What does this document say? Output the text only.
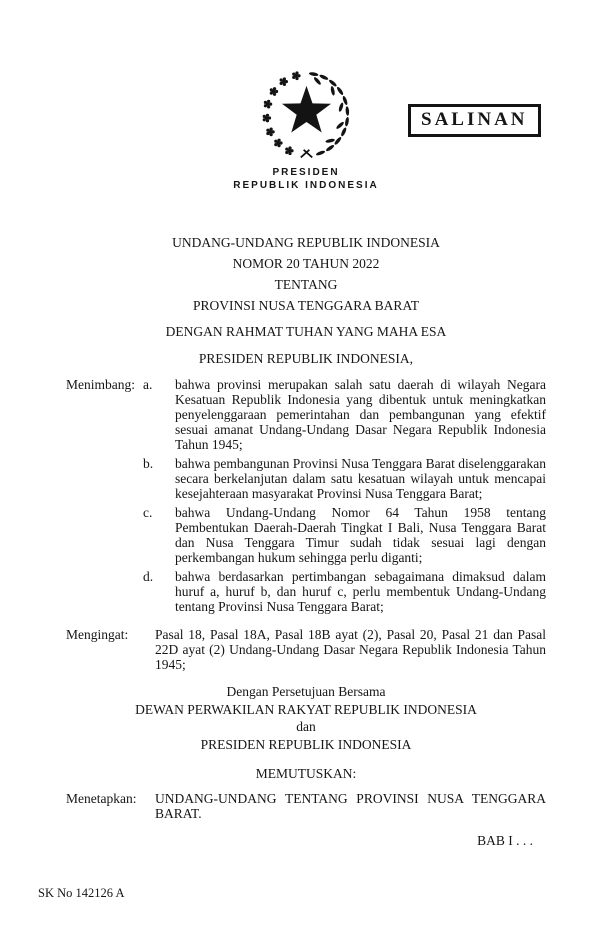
SALINAN
PRESIDEN
REPUBLIK INDONESIA
UNDANG-UNDANG REPUBLIK INDONESIA
NOMOR 20 TAHUN 2022
TENTANG
PROVINSI NUSA TENGGARA BARAT
DENGAN RAHMAT TUHAN YANG MAHA ESA
PRESIDEN REPUBLIK INDONESIA,
Menimbang: a.	bahwa provinsi merupakan salah satu daerah di wilayah Negara Kesatuan Republik Indonesia yang dibentuk untuk meningkatkan penyelenggaraan pemerintahan dan pembangunan yang efektif sesuai amanat Undang-Undang Dasar Negara Republik Indonesia Tahun 1945;
b.	bahwa pembangunan Provinsi Nusa Tenggara Barat diselenggarakan secara berkelanjutan dalam satu kesatuan wilayah untuk mencapai kesejahteraan masyarakat Provinsi Nusa Tenggara Barat;
c.	bahwa Undang-Undang Nomor 64 Tahun 1958 tentang Pembentukan Daerah-Daerah Tingkat I Bali, Nusa Tenggara Barat dan Nusa Tenggara Timur sudah tidak sesuai lagi dengan perkembangan hukum sehingga perlu diganti;
d.	bahwa berdasarkan pertimbangan sebagaimana dimaksud dalam huruf a, huruf b, dan huruf c, perlu membentuk Undang-Undang tentang Provinsi Nusa Tenggara Barat;
Mengingat:	Pasal 18, Pasal 18A, Pasal 18B ayat (2), Pasal 20, Pasal 21 dan Pasal 22D ayat (2) Undang-Undang Dasar Negara Republik Indonesia Tahun 1945;
Dengan Persetujuan Bersama
DEWAN PERWAKILAN RAKYAT REPUBLIK INDONESIA
dan
PRESIDEN REPUBLIK INDONESIA
MEMUTUSKAN:
Menetapkan:	UNDANG-UNDANG TENTANG PROVINSI NUSA TENGGARA BARAT.
BAB I . . .
SK No 142126 A
